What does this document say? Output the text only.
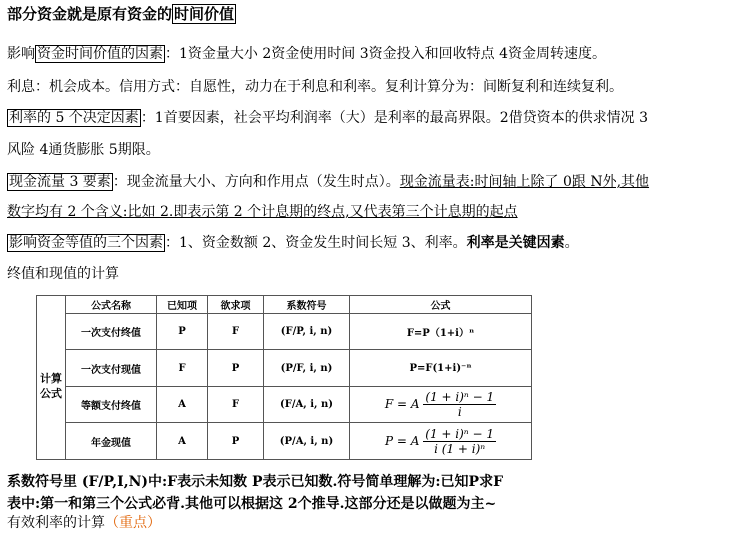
部分资金就是原有资金的 时间价值
影响 资金时间价值的因素 ：1资金量大小 2资金使用时间 3资金投入和回收特点 4资金周转速度。
利息：机会成本。信用方式：自愿性，动力在于利息和利率。复利计算分为：间断复利和连续复利。
利率的 5 个决定因素 ：1首要因素，社会平均利润率（大）是利率的最高界限。2借贷资本的供求情况 3
风险 4通货膨胀 5期限。
现金流量 3 要素 ：现金流量大小、方向和作用点（发生时点）。现金流量表:时间轴上除了 0跟 N外,其他
数字均有 2 个含义:比如 2.即表示第 2 个计息期的终点,又代表第三个计息期的起点
影响资金等值的三个因素 ：1、资金数额 2、资金发生时间长短 3、利率。利率是关键因素。
终值和现值的计算
	公式名称	已知项	欲求项	系数符号	公式
计算公式	一次支付终值	P	F	(F/P, i, n)	F=P（1+i）ⁿ
	一次支付现值	F	P	(P/F, i, n)	P=F(1+i)⁻ⁿ
	等额支付终值	A	F	(F/A, i, n)	F = A $\frac{\text{(1 + i)ⁿ − 1}}{i}$

	年金现值	A	P	(P/A, i, n)	P = A $\frac{\text{(1 + i)ⁿ − 1}}{\text{i (1 + i)ⁿ}}$
系数符号里 (F/P,I,N)中:F表示未知数 P表示已知数.符号简单理解为:已知P求F
表中:第一和第三个公式必背.其他可以根据这 2个推导.这部分还是以做题为主~
有效利率的计算（重点）
